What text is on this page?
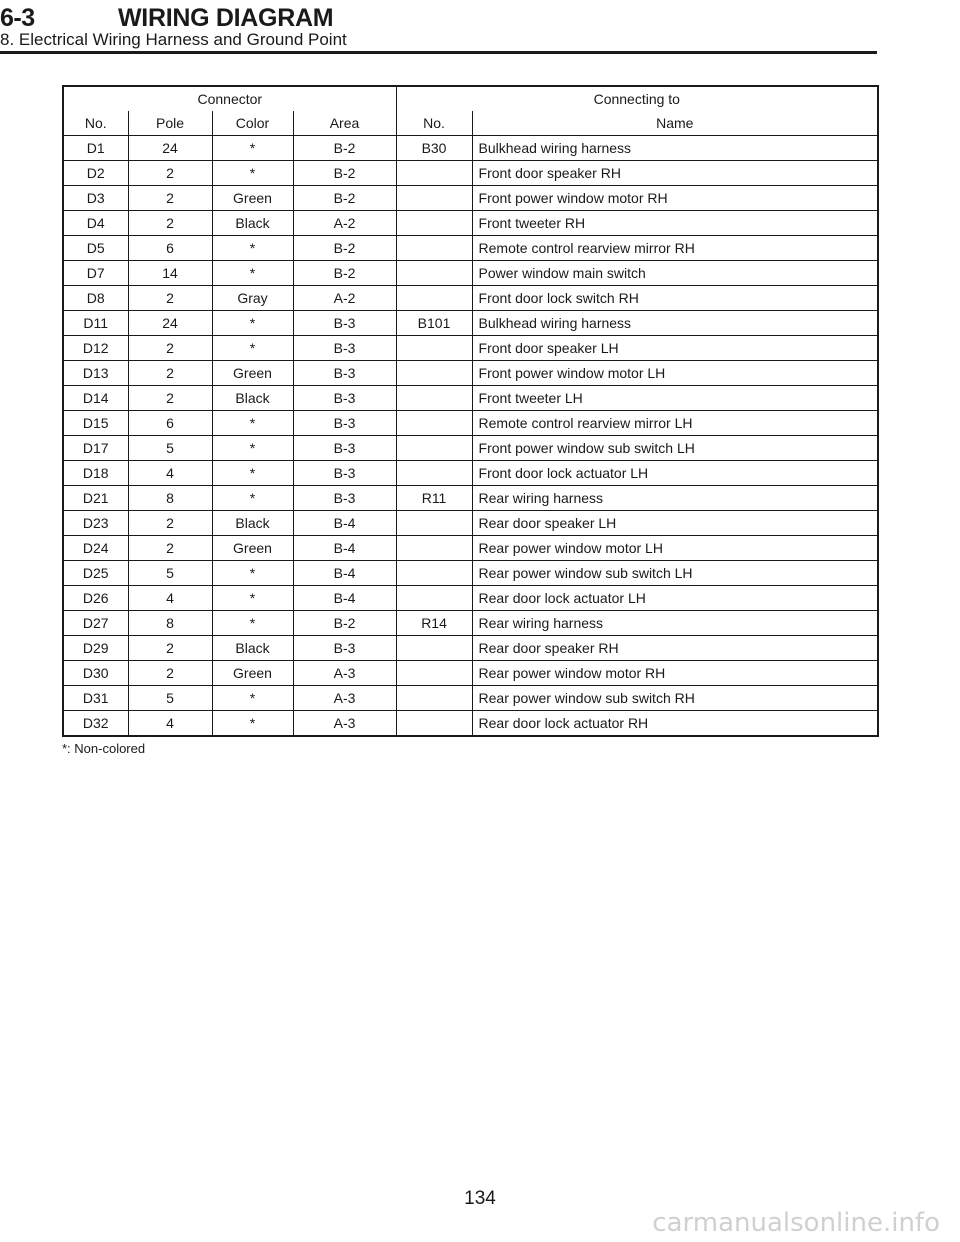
6-3	WIRING DIAGRAM
8. Electrical Wiring Harness and Ground Point
Connector				Connecting to	
No.	Pole	Color	Area	No.	Name
D1	24	*	B-2	B30	Bulkhead wiring harness
D2	2	*	B-2		Front door speaker RH
D3	2	Green	B-2		Front power window motor RH
D4	2	Black	A-2		Front tweeter RH
D5	6	*	B-2		Remote control rearview mirror RH
D7	14	*	B-2		Power window main switch
D8	2	Gray	A-2		Front door lock switch RH
D11	24	*	B-3	B101	Bulkhead wiring harness
D12	2	*	B-3		Front door speaker LH
D13	2	Green	B-3		Front power window motor LH
D14	2	Black	B-3		Front tweeter LH
D15	6	*	B-3		Remote control rearview mirror LH
D17	5	*	B-3		Front power window sub switch LH
D18	4	*	B-3		Front door lock actuator LH
D21	8	*	B-3	R11	Rear wiring harness
D23	2	Black	B-4		Rear door speaker LH
D24	2	Green	B-4		Rear power window motor LH
D25	5	*	B-4		Rear power window sub switch LH
D26	4	*	B-4		Rear door lock actuator LH
D27	8	*	B-2	R14	Rear wiring harness
D29	2	Black	B-3		Rear door speaker RH
D30	2	Green	A-3		Rear power window motor RH
D31	5	*	A-3		Rear power window sub switch RH
D32	4	*	A-3		Rear door lock actuator RH
*: Non-colored
134
carmanualsonline.info
